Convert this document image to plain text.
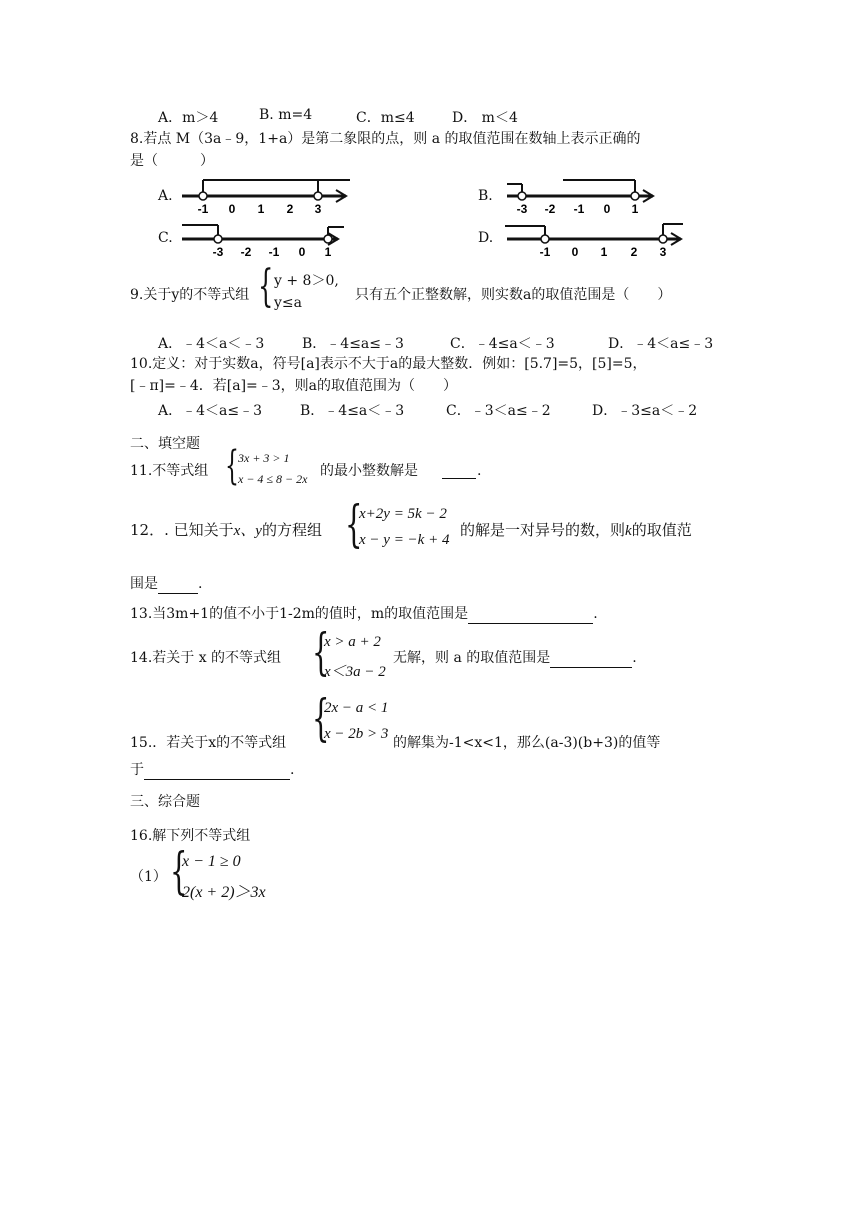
A．m＞4	B. m=4	C．m≤4	D． m＜4
8.若点 M（3a﹣9，1+a）是第二象限的点，则 a 的取值范围在数轴上表示正确的
是（　　　）
A.
-1 0 1 2 3
B.
-3 -2 -1 0 1
C.
-3 -2 -1 0 1
D.
-1 0 1 2 3
9.关于y的不等式组 { y + 8＞0,
y≤a	只有五个正整数解，则实数a的取值范围是（　　）
A．﹣4＜a＜﹣3	B．﹣4≤a≤﹣3	C．﹣4≤a＜﹣3	D．﹣4＜a≤﹣3
10.定义：对于实数a，符号[a]表示不大于a的最大整数．例如：[5.7]=5，[5]=5，
[﹣π]=﹣4．若[a]=﹣3，则a的取值范围为（　　）
A．﹣4＜a≤﹣3	B．﹣4≤a＜﹣3	C．﹣3＜a≤﹣2	D．﹣3≤a＜﹣2
二、填空题
11.不等式组 { 3x + 3 > 1
x − 4 ≤ 8 − 2x 的最小整数解是	.
12．. 已知关于x、y的方程组 {
x+2y = 5k − 2
x − y = −k + 4
的解是一对异号的数，则k的取值范
围是	.
13.当3m+1的值不小于1-2m的值时，m的取值范围是	.
14.若关于 x 的不等式组 {
x > a + 2
x＜3a − 2
无解，则 a 的取值范围是	.
{
2x − a < 1
x − 2b > 3
15.．若关于x的不等式组	的解集为-1<x<1，那么(a-3)(b+3)的值等
于	.
三、综合题
16.解下列不等式组
（1） {
x − 1 ≥ 0
2(x + 2)＞3x
